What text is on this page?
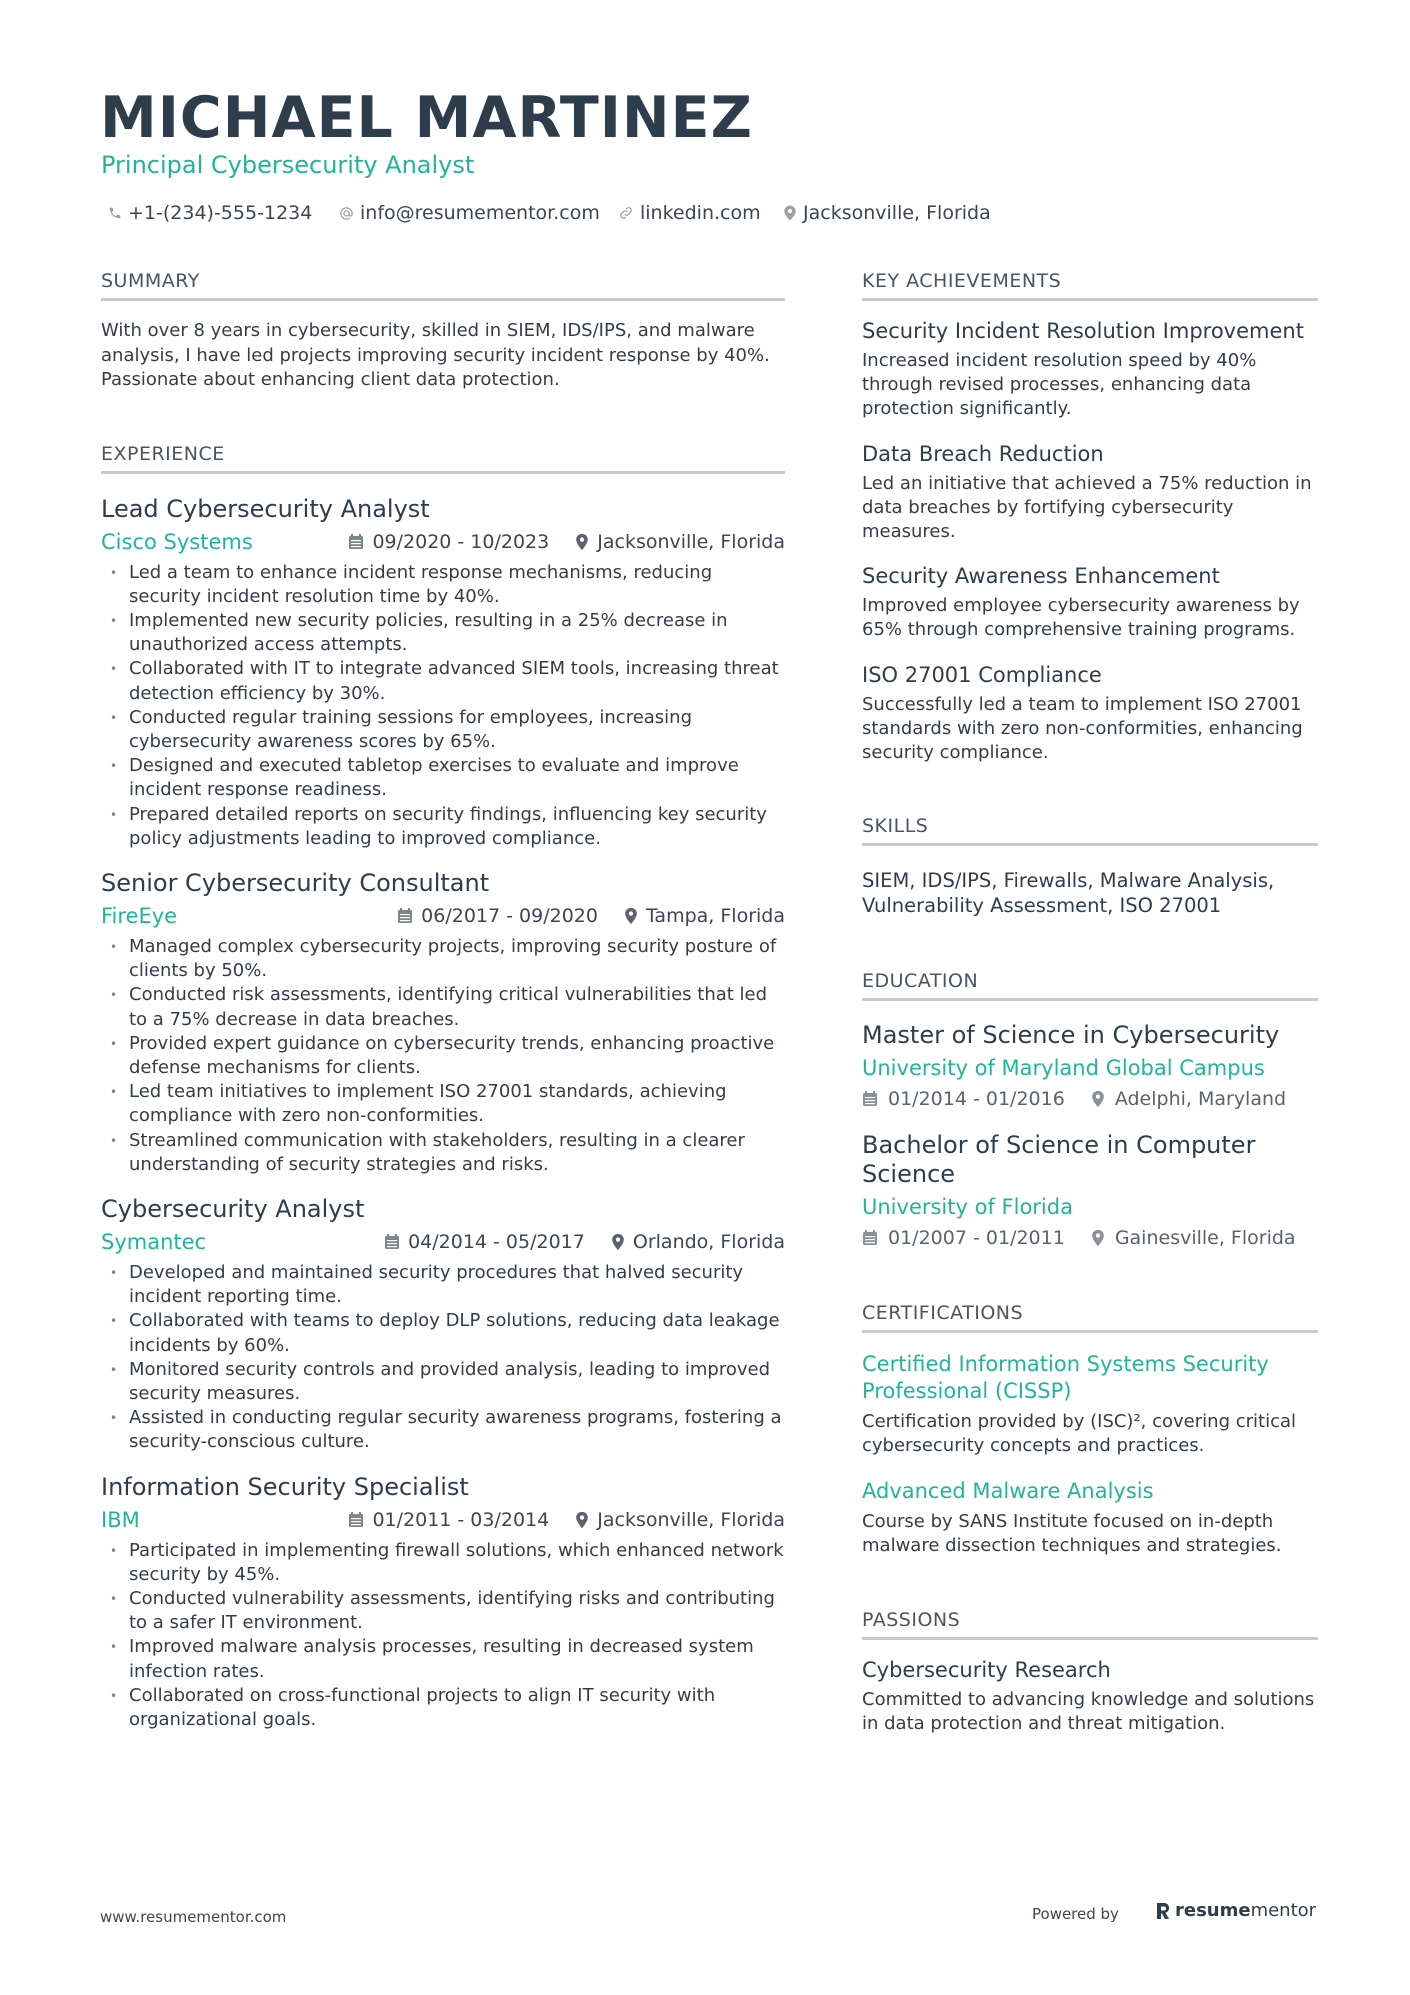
MICHAEL MARTINEZ
Principal Cybersecurity Analyst
+1-(234)-555-1234	info@resumementor.com linkedin.com Jacksonville, Florida
SUMMARY
With over 8 years in cybersecurity, skilled in SIEM, IDS/IPS, and malware analysis, I have led projects improving security incident response by 40%. Passionate about enhancing client data protection.
EXPERIENCE
Lead Cybersecurity Analyst
Cisco Systems	09/2020 - 10/2023	Jacksonville, Florida
• Led a team to enhance incident response mechanisms, reducing security incident resolution time by 40%.
• Implemented new security policies, resulting in a 25% decrease in unauthorized access attempts.
• Collaborated with IT to integrate advanced SIEM tools, increasing threat detection efficiency by 30%.
• Conducted regular training sessions for employees, increasing cybersecurity awareness scores by 65%.
• Designed and executed tabletop exercises to evaluate and improve incident response readiness.
• Prepared detailed reports on security findings, influencing key security policy adjustments leading to improved compliance.
Senior Cybersecurity Consultant
FireEye	06/2017 - 09/2020	Tampa, Florida
• Managed complex cybersecurity projects, improving security posture of clients by 50%.
• Conducted risk assessments, identifying critical vulnerabilities that led to a 75% decrease in data breaches.
• Provided expert guidance on cybersecurity trends, enhancing proactive defense mechanisms for clients.
• Led team initiatives to implement ISO 27001 standards, achieving compliance with zero non-conformities.
• Streamlined communication with stakeholders, resulting in a clearer understanding of security strategies and risks.
Cybersecurity Analyst
Symantec	04/2014 - 05/2017	Orlando, Florida
• Developed and maintained security procedures that halved security incident reporting time.
• Collaborated with teams to deploy DLP solutions, reducing data leakage incidents by 60%.
• Monitored security controls and provided analysis, leading to improved security measures.
• Assisted in conducting regular security awareness programs, fostering a security-conscious culture.
Information Security Specialist
IBM	01/2011 - 03/2014	Jacksonville, Florida
• Participated in implementing firewall solutions, which enhanced network security by 45%.
• Conducted vulnerability assessments, identifying risks and contributing to a safer IT environment.
• Improved malware analysis processes, resulting in decreased system infection rates.
• Collaborated on cross-functional projects to align IT security with organizational goals.
KEY ACHIEVEMENTS
Security Incident Resolution Improvement
Increased incident resolution speed by 40% through revised processes, enhancing data protection significantly.
Data Breach Reduction
Led an initiative that achieved a 75% reduction in data breaches by fortifying cybersecurity measures.
Security Awareness Enhancement
Improved employee cybersecurity awareness by 65% through comprehensive training programs.
ISO 27001 Compliance
Successfully led a team to implement ISO 27001 standards with zero non-conformities, enhancing security compliance.
SKILLS
SIEM, IDS/IPS, Firewalls, Malware Analysis, Vulnerability Assessment, ISO 27001
EDUCATION
Master of Science in Cybersecurity
University of Maryland Global Campus
01/2014 - 01/2016	Adelphi, Maryland
Bachelor of Science in Computer Science
University of Florida
01/2007 - 01/2011	Gainesville, Florida
CERTIFICATIONS
Certified Information Systems Security Professional (CISSP)
Certification provided by (ISC)², covering critical cybersecurity concepts and practices.
Advanced Malware Analysis
Course by SANS Institute focused on in-depth malware dissection techniques and strategies.
PASSIONS
Cybersecurity Research
Committed to advancing knowledge and solutions in data protection and threat mitigation.
www.resumementor.com	Powered by	resume mentor
